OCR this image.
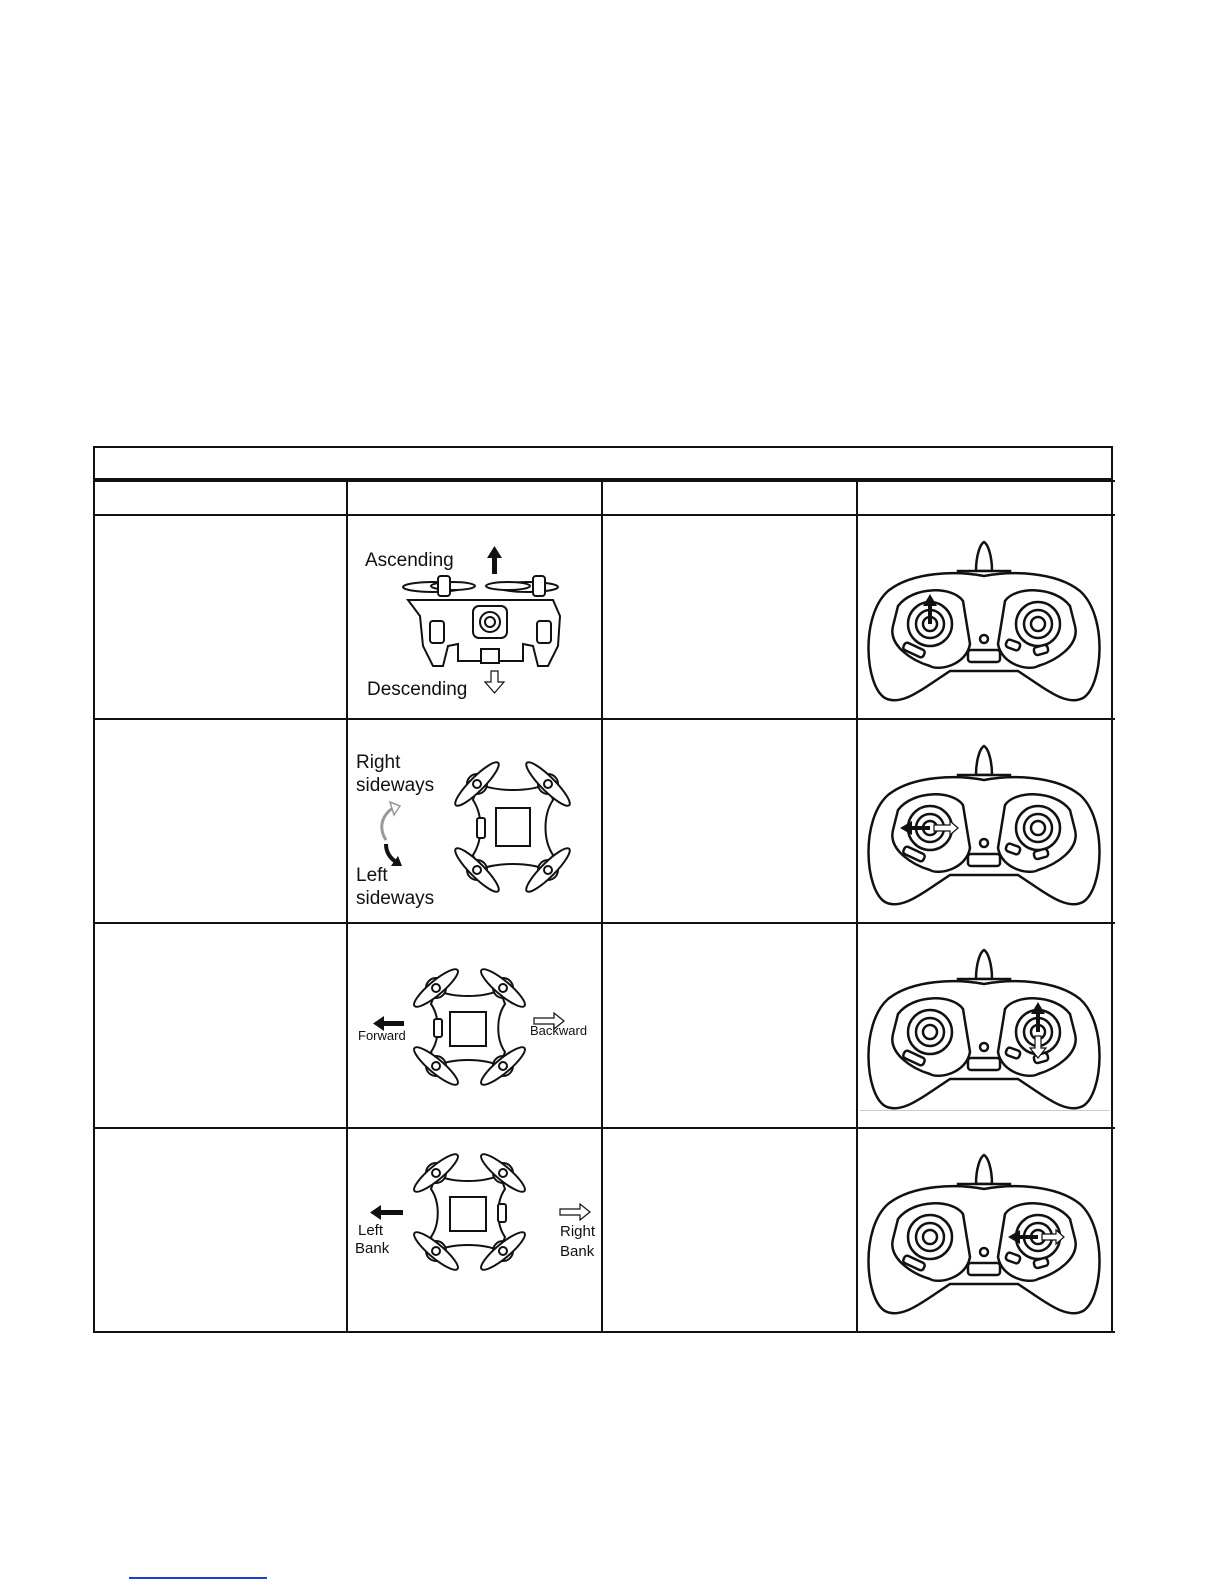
Ascending
Descending
Right
sideways
Left
sideways
Forward	Backward
Left
Bank
Right
Bank
